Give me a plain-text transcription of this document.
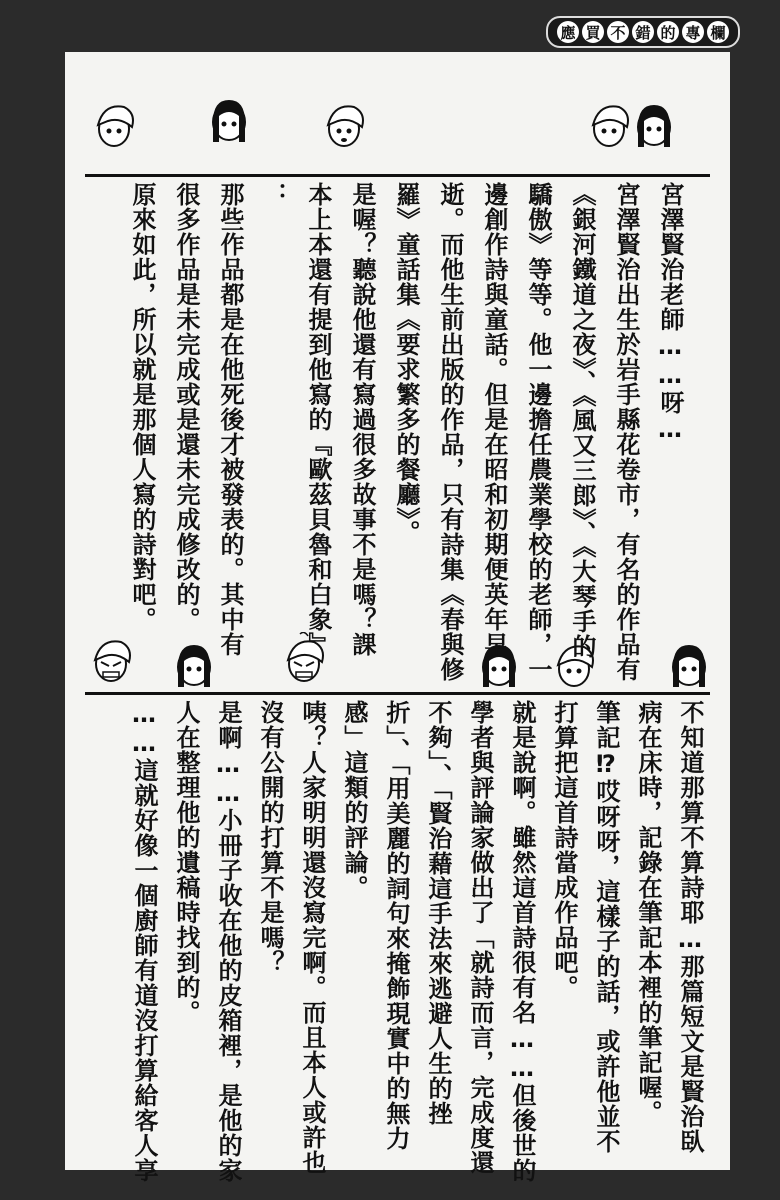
應 買 不 錯 的 專 欄
宮澤賢治老師……呀…
宮澤賢治出生於岩手縣花卷市，有名的作品有
《銀河鐵道之夜》、《風又三郎》、《大琴手的
驕傲》等等。他一邊擔任農業學校的老師，一
邊創作詩與童話。但是在昭和初期便英年早
逝。而他生前出版的作品，只有詩集《春與修
羅》童話集《要求繁多的餐廳》。
是喔？聽說他還有寫過很多故事不是嗎？課
本上本還有提到他寫的『歐茲貝魯和白象』
：
那些作品都是在他死後才被發表的。其中有
很多作品是未完成或是還未完成修改的。
原來如此，所以就是那個人寫的詩對吧。
不知道那算不算詩耶…那篇短文是賢治臥
病在床時，記錄在筆記本裡的筆記喔。
筆記⁉哎呀呀，這樣子的話，或許他並不
打算把這首詩當成作品吧。
就是說啊。雖然這首詩很有名……但後世的
學者與評論家做出了「就詩而言，完成度還
不夠」、「賢治藉這手法來逃避人生的挫
折」、「用美麗的詞句來掩飾現實中的無力
感」這類的評論。
咦？人家明明還沒寫完啊。而且本人或許也
沒有公開的打算不是嗎？
是啊……小冊子收在他的皮箱裡，是他的家
人在整理他的遺稿時找到的。
……這就好像一個廚師有道沒打算給客人享
